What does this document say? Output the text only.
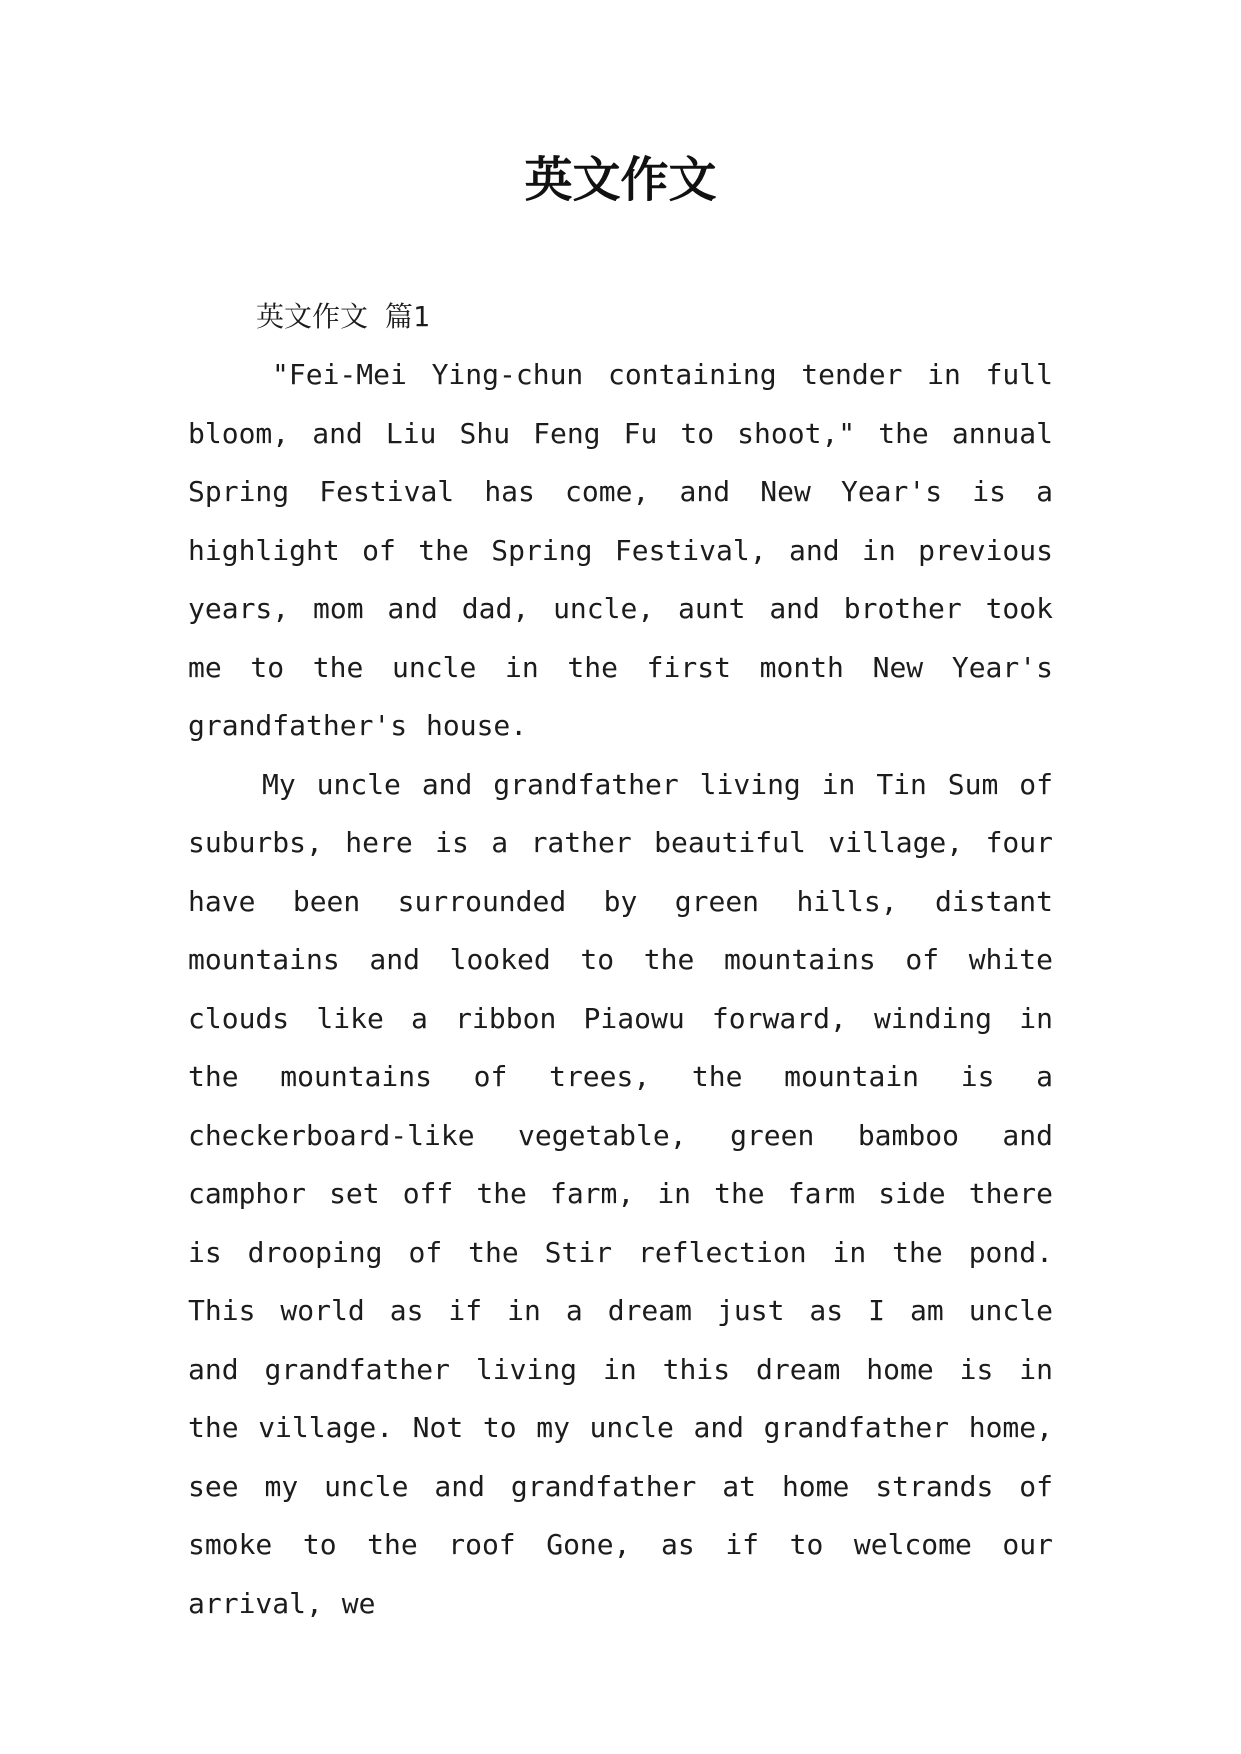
英文作文
英文作文 篇1

"Fei-Mei Ying-chun containing tender in full bloom, and Liu Shu Feng Fu to shoot," the annual Spring Festival has come, and New Year's is a highlight of the Spring Festival, and in previous years, mom and dad, uncle, aunt and brother took me to the uncle in the first month New Year's grandfather's house.

My uncle and grandfather living in Tin Sum of suburbs, here is a rather beautiful village, four have been surrounded by green hills, distant mountains and looked to the mountains of white clouds like a ribbon Piaowu forward, winding in the mountains of trees, the mountain is a checkerboard-like vegetable, green bamboo and camphor set off the farm, in the farm side there is drooping of the Stir reflection in the pond. This world as if in a dream just as I am uncle and grandfather living in this dream home is in the village. Not to my uncle and grandfather home, see my uncle and grandfather at home strands of smoke to the roof Gone, as if to welcome our arrival, we
